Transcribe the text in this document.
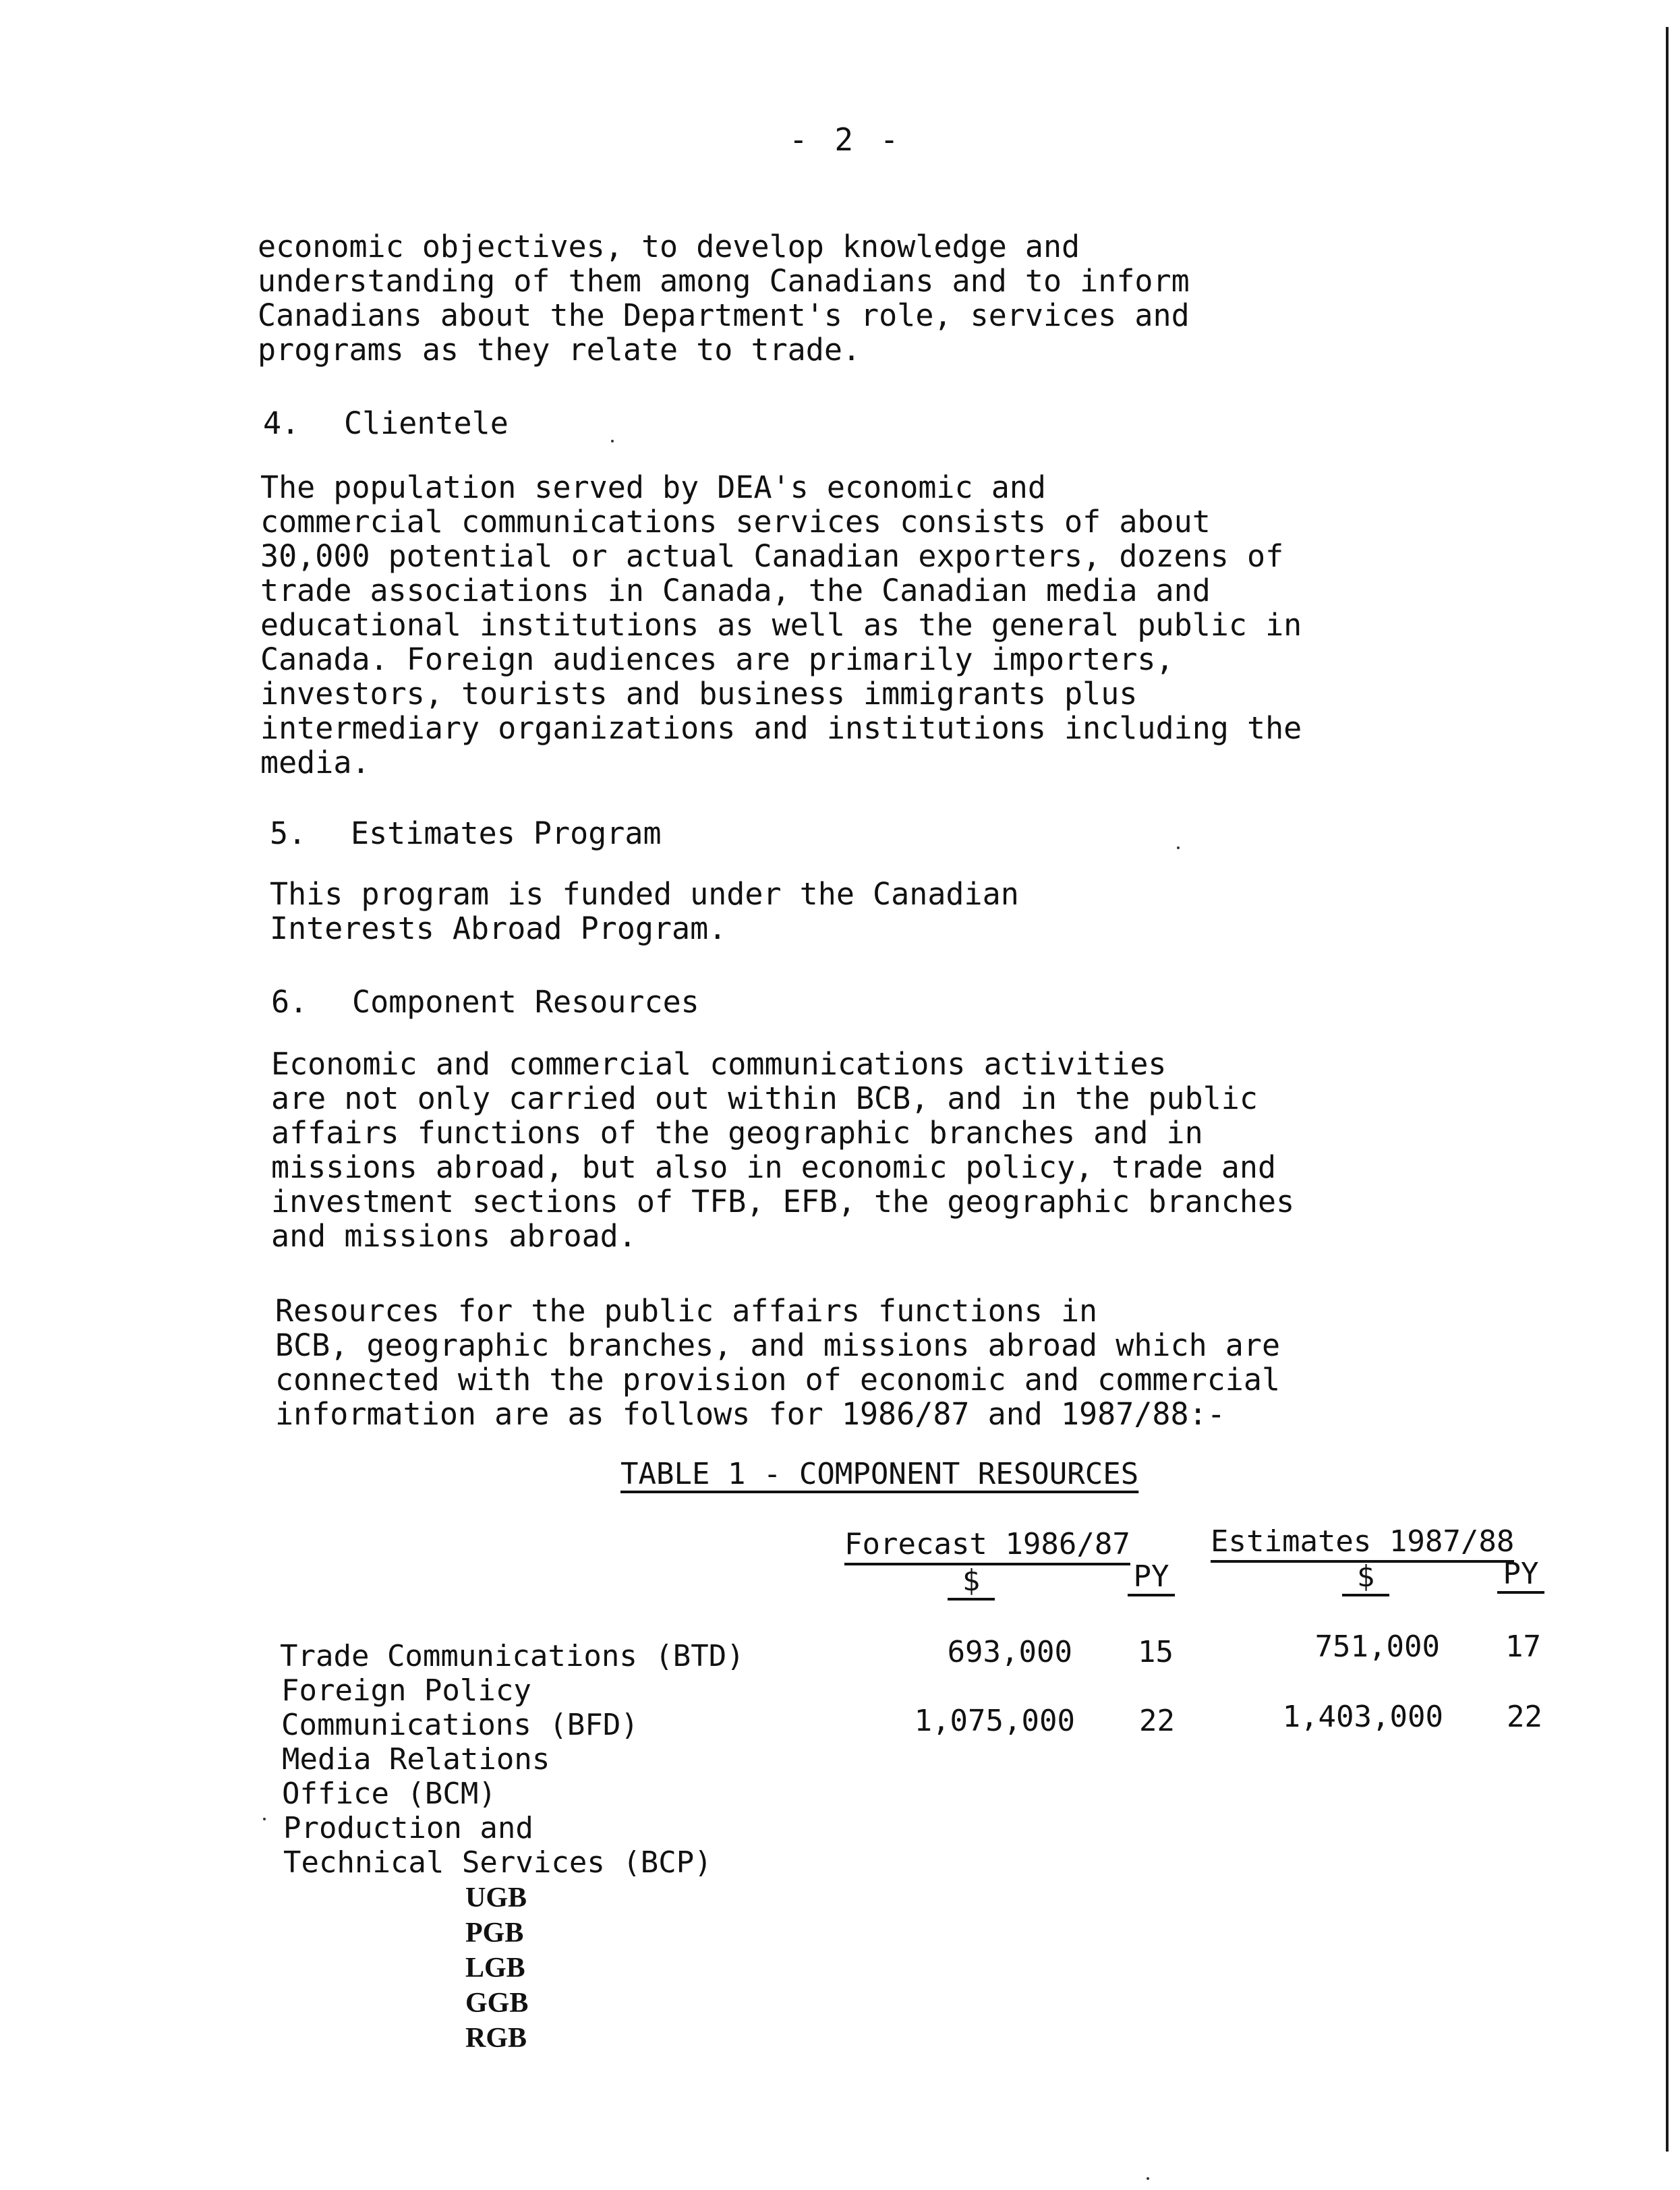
- 2 -

economic objectives, to develop knowledge and
understanding of them among Canadians and to inform
Canadians about the Department's role, services and
programs as they relate to trade.

4. Clientele

The population served by DEA's economic and
commercial communications services consists of about
30,000 potential or actual Canadian exporters, dozens of
trade associations in Canada, the Canadian media and
educational institutions as well as the general public in
Canada. Foreign audiences are primarily importers,
investors, tourists and business immigrants plus
intermediary organizations and institutions including the
media.

5. Estimates Program

This program is funded under the Canadian
Interests Abroad Program.

6. Component Resources

Economic and commercial communications activities
are not only carried out within BCB, and in the public
affairs functions of the geographic branches and in
missions abroad, but also in economic policy, trade and
investment sections of TFB, EFB, the geographic branches
and missions abroad.

Resources for the public affairs functions in
BCB, geographic branches, and missions abroad which are
connected with the provision of economic and commercial
information are as follows for 1986/87 and 1987/88:-

TABLE 1 - COMPONENT RESOURCES
Forecast 1986/87	Estimates 1987/88
$	PY	$	PY
Trade Communications (BTD)	693,000	15	751,000	17
Foreign Policy
Communications (BFD)	1,075,000	22	1,403,000	22
Media Relations
Office (BCM)
Production and
Technical Services (BCP)
UGB
PGB
LGB
GGB
RGB
